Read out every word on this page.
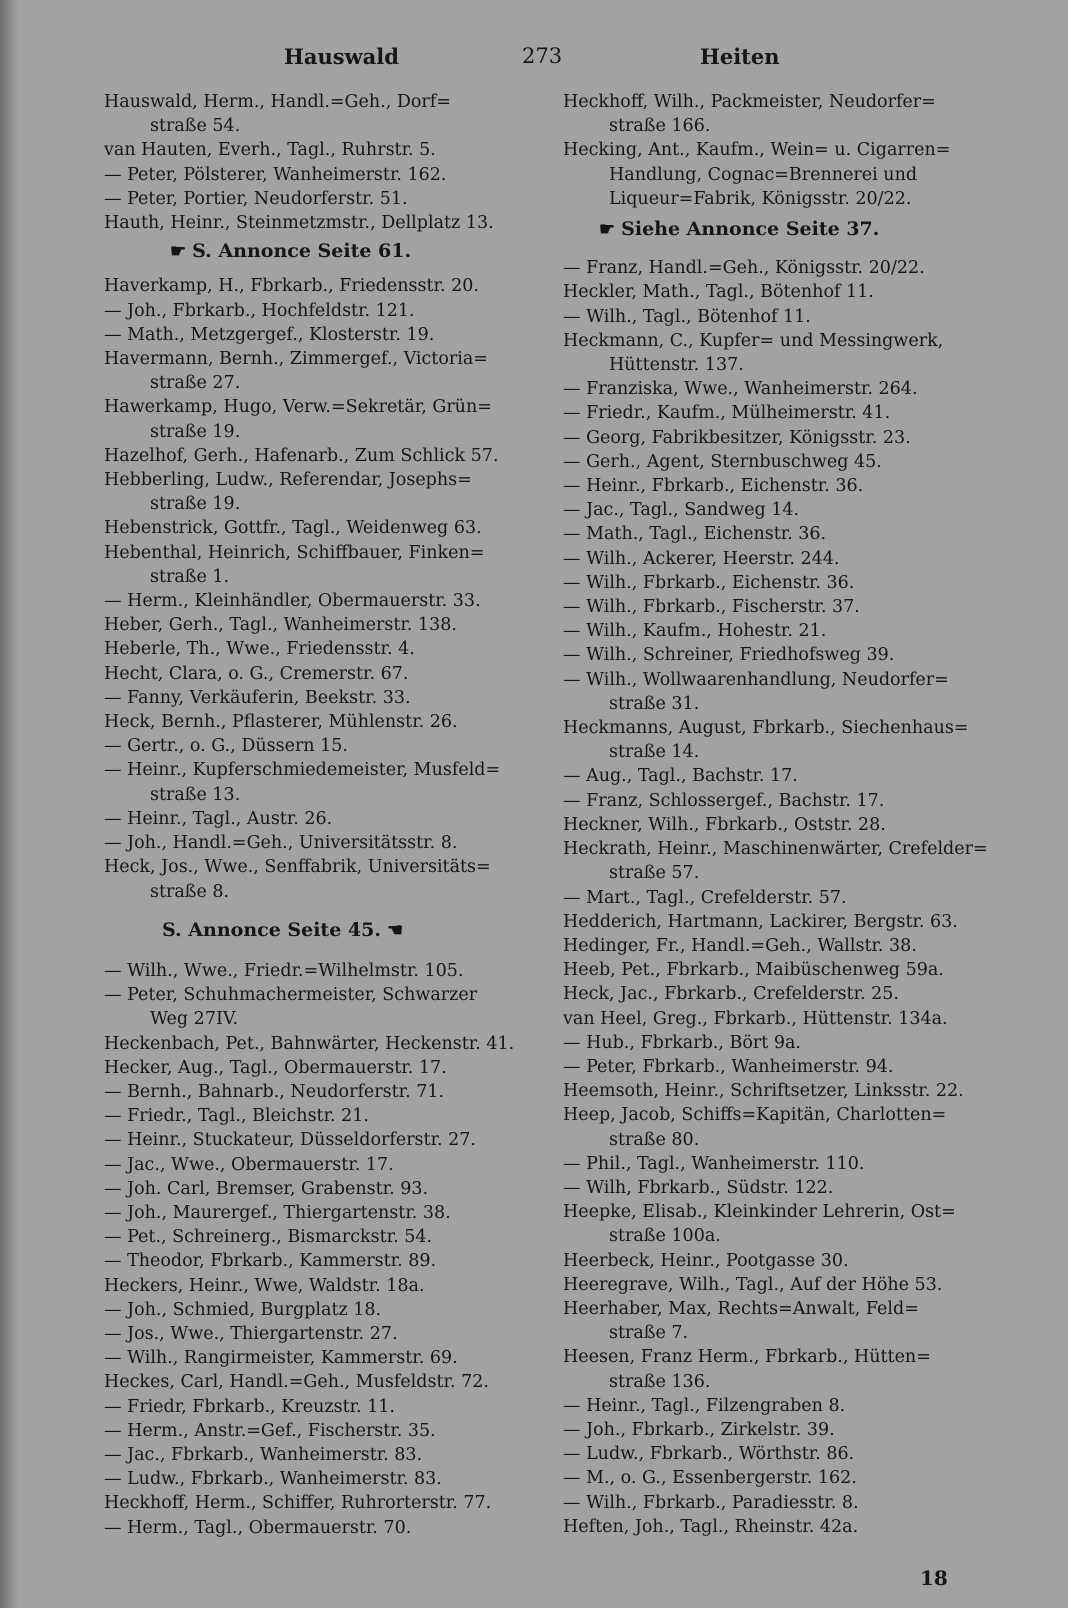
Hauswald	273	Heiten
Hauswald, Herm., Handl.=Geh., Dorf=
straße 54.
van Hauten, Everh., Tagl., Ruhrstr. 5.
— Peter, Pölsterer, Wanheimerstr. 162.
— Peter, Portier, Neudorferstr. 51.
Hauth, Heinr., Steinmetzmstr., Dellplatz 13.
☛ S. Annonce Seite 61.
Haverkamp, H., Fbrkarb., Friedensstr. 20.
— Joh., Fbrkarb., Hochfeldstr. 121.
— Math., Metzgergef., Klosterstr. 19.
Havermann, Bernh., Zimmergef., Victoria=
straße 27.
Hawerkamp, Hugo, Verw.=Sekretär, Grün=
straße 19.
Hazelhof, Gerh., Hafenarb., Zum Schlick 57.
Hebberling, Ludw., Referendar, Josephs=
straße 19.
Hebenstrick, Gottfr., Tagl., Weidenweg 63.
Hebenthal, Heinrich, Schiffbauer, Finken=
straße 1.
— Herm., Kleinhändler, Obermauerstr. 33.
Heber, Gerh., Tagl., Wanheimerstr. 138.
Heberle, Th., Wwe., Friedensstr. 4.
Hecht, Clara, o. G., Cremerstr. 67.
— Fanny, Verkäuferin, Beekstr. 33.
Heck, Bernh., Pflasterer, Mühlenstr. 26.
— Gertr., o. G., Düssern 15.
— Heinr., Kupferschmiedemeister, Musfeld=
straße 13.
— Heinr., Tagl., Austr. 26.
— Joh., Handl.=Geh., Universitätsstr. 8.
Heck, Jos., Wwe., Senffabrik, Universitäts=
straße 8.
S. Annonce Seite 45. ☚
— Wilh., Wwe., Friedr.=Wilhelmstr. 105.
— Peter, Schuhmachermeister, Schwarzer
Weg 27IV.
Heckenbach, Pet., Bahnwärter, Heckenstr. 41.
Hecker, Aug., Tagl., Obermauerstr. 17.
— Bernh., Bahnarb., Neudorferstr. 71.
— Friedr., Tagl., Bleichstr. 21.
— Heinr., Stuckateur, Düsseldorferstr. 27.
— Jac., Wwe., Obermauerstr. 17.
— Joh. Carl, Bremser, Grabenstr. 93.
— Joh., Maurergef., Thiergartenstr. 38.
— Pet., Schreinerg., Bismarckstr. 54.
— Theodor, Fbrkarb., Kammerstr. 89.
Heckers, Heinr., Wwe, Waldstr. 18a.
— Joh., Schmied, Burgplatz 18.
— Jos., Wwe., Thiergartenstr. 27.
— Wilh., Rangirmeister, Kammerstr. 69.
Heckes, Carl, Handl.=Geh., Musfeldstr. 72.
— Friedr, Fbrkarb., Kreuzstr. 11.
— Herm., Anstr.=Gef., Fischerstr. 35.
— Jac., Fbrkarb., Wanheimerstr. 83.
— Ludw., Fbrkarb., Wanheimerstr. 83.
Heckhoff, Herm., Schiffer, Ruhrorterstr. 77.
— Herm., Tagl., Obermauerstr. 70.
Heckhoff, Wilh., Packmeister, Neudorfer=
straße 166.
Hecking, Ant., Kaufm., Wein= u. Cigarren=
Handlung, Cognac=Brennerei und
Liqueur=Fabrik, Königsstr. 20/22.
☛ Siehe Annonce Seite 37.
— Franz, Handl.=Geh., Königsstr. 20/22.
Heckler, Math., Tagl., Bötenhof 11.
— Wilh., Tagl., Bötenhof 11.
Heckmann, C., Kupfer= und Messingwerk,
Hüttenstr. 137.
— Franziska, Wwe., Wanheimerstr. 264.
— Friedr., Kaufm., Mülheimerstr. 41.
— Georg, Fabrikbesitzer, Königsstr. 23.
— Gerh., Agent, Sternbuschweg 45.
— Heinr., Fbrkarb., Eichenstr. 36.
— Jac., Tagl., Sandweg 14.
— Math., Tagl., Eichenstr. 36.
— Wilh., Ackerer, Heerstr. 244.
— Wilh., Fbrkarb., Eichenstr. 36.
— Wilh., Fbrkarb., Fischerstr. 37.
— Wilh., Kaufm., Hohestr. 21.
— Wilh., Schreiner, Friedhofsweg 39.
— Wilh., Wollwaarenhandlung, Neudorfer=
straße 31.
Heckmanns, August, Fbrkarb., Siechenhaus=
straße 14.
— Aug., Tagl., Bachstr. 17.
— Franz, Schlossergef., Bachstr. 17.
Heckner, Wilh., Fbrkarb., Oststr. 28.
Heckrath, Heinr., Maschinenwärter, Crefelder=
straße 57.
— Mart., Tagl., Crefelderstr. 57.
Hedderich, Hartmann, Lackirer, Bergstr. 63.
Hedinger, Fr., Handl.=Geh., Wallstr. 38.
Heeb, Pet., Fbrkarb., Maibüschenweg 59a.
Heck, Jac., Fbrkarb., Crefelderstr. 25.
van Heel, Greg., Fbrkarb., Hüttenstr. 134a.
— Hub., Fbrkarb., Bört 9a.
— Peter, Fbrkarb., Wanheimerstr. 94.
Heemsoth, Heinr., Schriftsetzer, Linksstr. 22.
Heep, Jacob, Schiffs=Kapitän, Charlotten=
straße 80.
— Phil., Tagl., Wanheimerstr. 110.
— Wilh, Fbrkarb., Südstr. 122.
Heepke, Elisab., Kleinkinder Lehrerin, Ost=
straße 100a.
Heerbeck, Heinr., Pootgasse 30.
Heeregrave, Wilh., Tagl., Auf der Höhe 53.
Heerhaber, Max, Rechts=Anwalt, Feld=
straße 7.
Heesen, Franz Herm., Fbrkarb., Hütten=
straße 136.
— Heinr., Tagl., Filzengraben 8.
— Joh., Fbrkarb., Zirkelstr. 39.
— Ludw., Fbrkarb., Wörthstr. 86.
— M., o. G., Essenbergerstr. 162.
— Wilh., Fbrkarb., Paradiesstr. 8.
Heften, Joh., Tagl., Rheinstr. 42a.
18
